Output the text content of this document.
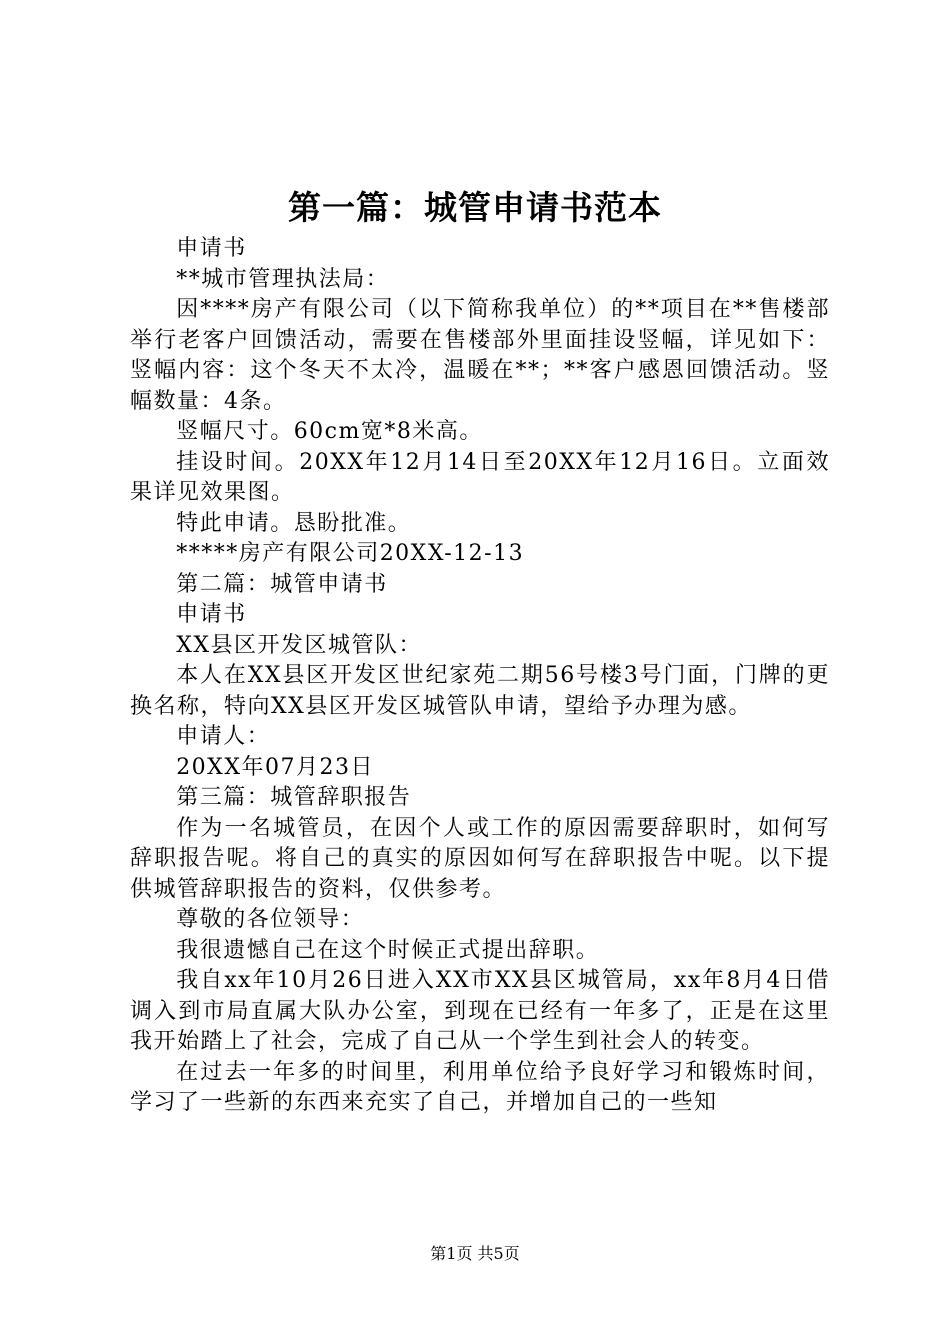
第一篇：城管申请书范本

申请书

**城市管理执法局：

因****房产有限公司（以下简称我单位）的**项目在**售楼部举行老客户回馈活动，需要在售楼部外里面挂设竖幅，详见如下：竖幅内容：这个冬天不太冷，温暖在**；**客户感恩回馈活动。竖幅数量：4条。

竖幅尺寸。60cm宽*8米高。

挂设时间。20XX年12月14日至20XX年12月16日。立面效果详见效果图。

特此申请。恳盼批准。

*****房产有限公司20XX-12-13

第二篇：城管申请书

申请书

XX县区开发区城管队：

本人在XX县区开发区世纪家苑二期56号楼3号门面，门牌的更换名称，特向XX县区开发区城管队申请，望给予办理为感。

申请人：

20XX年07月23日

第三篇：城管辞职报告

作为一名城管员，在因个人或工作的原因需要辞职时，如何写辞职报告呢。将自己的真实的原因如何写在辞职报告中呢。以下提供城管辞职报告的资料，仅供参考。

尊敬的各位领导：

我很遗憾自己在这个时候正式提出辞职。

我自xx年10月26日进入XX市XX县区城管局，xx年8月4日借调入到市局直属大队办公室，到现在已经有一年多了，正是在这里我开始踏上了社会，完成了自己从一个学生到社会人的转变。

在过去一年多的时间里，利用单位给予良好学习和锻炼时间，学习了一些新的东西来充实了自己，并增加自己的一些知

第1页 共5页
